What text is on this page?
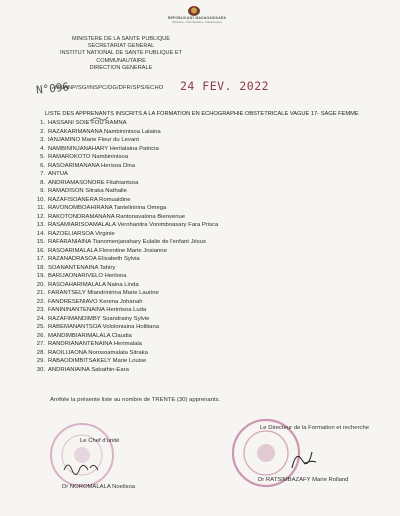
REPOBLIKAN'I MADAGASIKARA
Fitiavana - Tanindrazana - Fandrosoana
MINISTERE DE LA SANTE PUBLIQUE
SECRETARIAT GENERAL
INSTITUT NATIONAL DE SANTE PUBLIQUE ET
COMMUNAUTAIRE
DIRECTION GENERALE
N°096
-MSANP/SG/INSPC/DG/DFR/SPS/ECHO 24 FEV. 2022
LISTE DES APPRENANTS INSCRITS A LA FORMATION EN ECHOGRAPHIE OBSTETRICALE VAGUE 17- SAGE FEMME
1. HASSANI SOIE FOU RAMNA
2. RAZAKARIMANANA Nambinintsoa Lalaina
3. IANJAMINO Marie Fleur du Levant
4. NAMBININJANAHARY Herilalaina Patricia
5. RAMAROKOTO Nambinintsoa
6. RASOARIMANANA Herisoa Dina
7. ANTUA
8. ANDRIAMASONORE Fitahiantsoa
9. RAMADISON Sitraka Nathalie
10. RAZAFISOANERA Romualdine
11. RAVONOMBOAHIRANA Tantelinirina Omega
12. RAKOTONDRAMANANA Rantonavalona Bienvenue
13. RASAMIARISOAMALALA Verohanitra Vonimboasary Fara Prisca
14. RAZOELIARSOA Virginie
15. RAFARANIAINA Tianomenjanahary Eulalie de l'enfant Jésus
16. RASOARIMALALA Florentine Marie Josianne
17. RAZANADRASOA Elisabeth Sylvia
18. SOANANTENAINA Tahiry
19. BARIJAONARIVELO Herilona
20. RASOAHARIMALALA Naina Linda
21. FARANTSELY Miandrinirina Marie Laurine
22. FANDRESENIAVO Kerena Johanah
23. FANININANTENAINA Herintsoa Luda
24. RAZAFIMANDIMBY Soandrainy Sylvie
25. RABEMANANTSOA Vololoniaina Holitiana
26. MANDIMBIARIMALALA Claudia
27. RANDRIANANTENAINA Herimalala
28. RAOILIJAONA Norosoamalala Sitraka
29. RABAODIMBITSAKELY Marie Louise
30. ANDRIANIAINA Sabathin-Eara
Arrêtée la présente liste au nombre de TRENTE (30) apprenants.
Le Chef d'unité
Dr NOROMALALA Noelisoa
Le Directeur de la Formation et recherche
Dr RATSIMBAZAFY Marie Rolland
